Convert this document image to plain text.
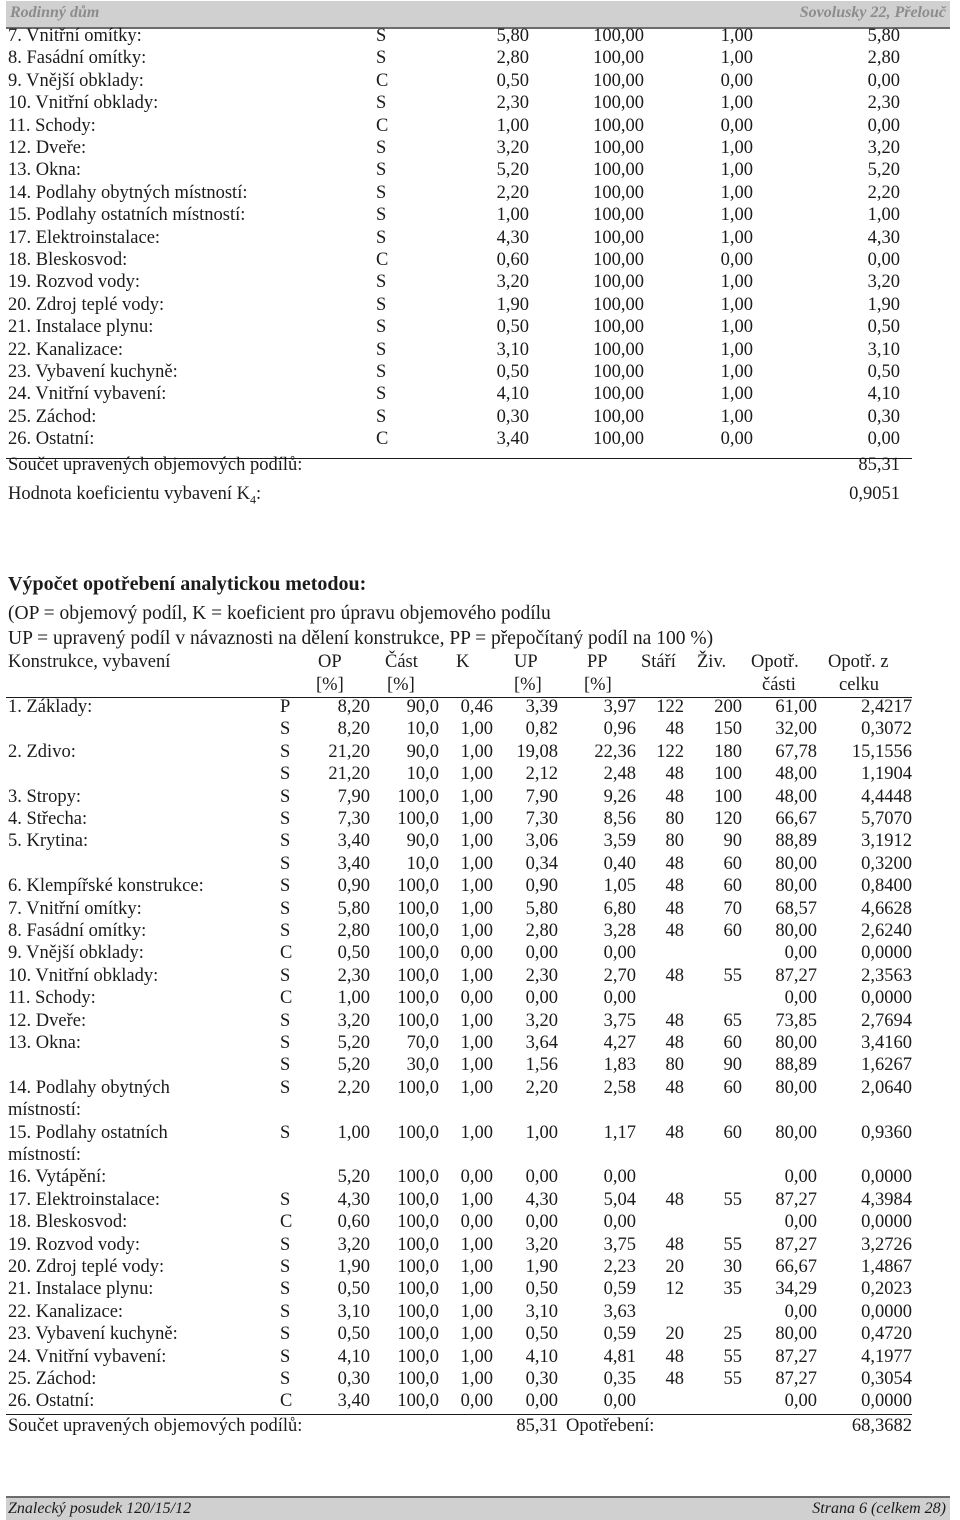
Rodinný dům	Sovolusky 22, Přelouč
7. Vnitřní omítky:	S	5,80	100,00	1,00	5,80
8. Fasádní omítky:	S	2,80	100,00	1,00	2,80
9. Vnější obklady:	C	0,50	100,00	0,00	0,00
10. Vnitřní obklady:	S	2,30	100,00	1,00	2,30
11. Schody:	C	1,00	100,00	0,00	0,00
12. Dveře:	S	3,20	100,00	1,00	3,20
13. Okna:	S	5,20	100,00	1,00	5,20
14. Podlahy obytných místností:	S	2,20	100,00	1,00	2,20
15. Podlahy ostatních místností:	S	1,00	100,00	1,00	1,00
17. Elektroinstalace:	S	4,30	100,00	1,00	4,30
18. Bleskosvod:	C	0,60	100,00	0,00	0,00
19. Rozvod vody:	S	3,20	100,00	1,00	3,20
20. Zdroj teplé vody:	S	1,90	100,00	1,00	1,90
21. Instalace plynu:	S	0,50	100,00	1,00	0,50
22. Kanalizace:	S	3,10	100,00	1,00	3,10
23. Vybavení kuchyně:	S	0,50	100,00	1,00	0,50
24. Vnitřní vybavení:	S	4,10	100,00	1,00	4,10
25. Záchod:	S	0,30	100,00	1,00	0,30
26. Ostatní:	C	3,40	100,00	0,00	0,00
Součet upravených objemových podílů:	85,31
Hodnota koeficientu vybavení $K_4$:	0,9051
Výpočet opotřebení analytickou metodou:
(OP = objemový podíl, K = koeficient pro úpravu objemového podílu
UP = upravený podíl v návaznosti na dělení konstrukce, PP = přepočítaný podíl na 100 %)
Konstrukce, vybavení	OP Část K UP	PP Stáří Živ. Opotř. Opotř. z
[%] [%]	[%] [%]	části celku
1. Základy:	P	8,20 90,0 0,46 3,39 3,97 122 200 61,00 2,4217
S	8,20 10,0 1,00 0,82 0,96 48 150 32,00 0,3072
2. Zdivo:	S 21,20 90,0 1,00 19,08 22,36 122 180 67,78 15,1556
S 21,20 10,0 1,00 2,12 2,48 48 100 48,00 1,1904
3. Stropy:	S	7,90 100,0 1,00 7,90 9,26 48 100 48,00 4,4448
4. Střecha:	S	7,30 100,0 1,00 7,30 8,56 80 120 66,67 5,7070
5. Krytina:	S	3,40 90,0 1,00 3,06 3,59 80 90 88,89 3,1912
S	3,40 10,0 1,00 0,34 0,40 48 60 80,00 0,3200
6. Klempířské konstrukce:	S	0,90 100,0 1,00 0,90 1,05 48 60 80,00 0,8400
7. Vnitřní omítky:	S	5,80 100,0 1,00 5,80 6,80 48 70 68,57 4,6628
8. Fasádní omítky:	S	2,80 100,0 1,00 2,80 3,28 48 60 80,00 2,6240
9. Vnější obklady:	C 0,50 100,0 0,00 0,00 0,00	0,00 0,0000
10. Vnitřní obklady:	S	2,30 100,0 1,00 2,30 2,70 48 55 87,27 2,3563
11. Schody:	C 1,00 100,0 0,00 0,00 0,00	0,00 0,0000
12. Dveře:	S	3,20 100,0 1,00 3,20 3,75 48 65 73,85 2,7694
13. Okna:	S	5,20 70,0 1,00 3,64 4,27 48 60 80,00 3,4160
S	5,20 30,0 1,00 1,56 1,83 80 90 88,89 1,6267
14. Podlahy obytných	S	2,20 100,0 1,00 2,20 2,58 48 60 80,00 2,0640
místností:
15. Podlahy ostatních	S	1,00 100,0 1,00 1,00 1,17 48 60 80,00 0,9360
místností:
16. Vytápění:	5,20 100,0 0,00 0,00 0,00	0,00 0,0000
17. Elektroinstalace:	S	4,30 100,0 1,00 4,30 5,04 48 55 87,27 4,3984
18. Bleskosvod:	C 0,60 100,0 0,00 0,00 0,00	0,00 0,0000
19. Rozvod vody:	S	3,20 100,0 1,00 3,20 3,75 48 55 87,27 3,2726
20. Zdroj teplé vody:	S	1,90 100,0 1,00 1,90 2,23 20 30 66,67 1,4867
21. Instalace plynu:	S	0,50 100,0 1,00 0,50 0,59 12 35 34,29 0,2023
22. Kanalizace:	S	3,10 100,0 1,00 3,10 3,63	0,00 0,0000
23. Vybavení kuchyně:	S	0,50 100,0 1,00 0,50 0,59 20 25 80,00 0,4720
24. Vnitřní vybavení:	S	4,10 100,0 1,00 4,10 4,81 48 55 87,27 4,1977
25. Záchod:	S	0,30 100,0 1,00 0,30 0,35 48 55 87,27 0,3054
26. Ostatní:	C 3,40 100,0 0,00 0,00 0,00	0,00 0,0000
Součet upravených objemových podílů:	85,31 Opotřebení:	68,3682
Znalecký posudek 120/15/12	Strana 6 (celkem 28)
